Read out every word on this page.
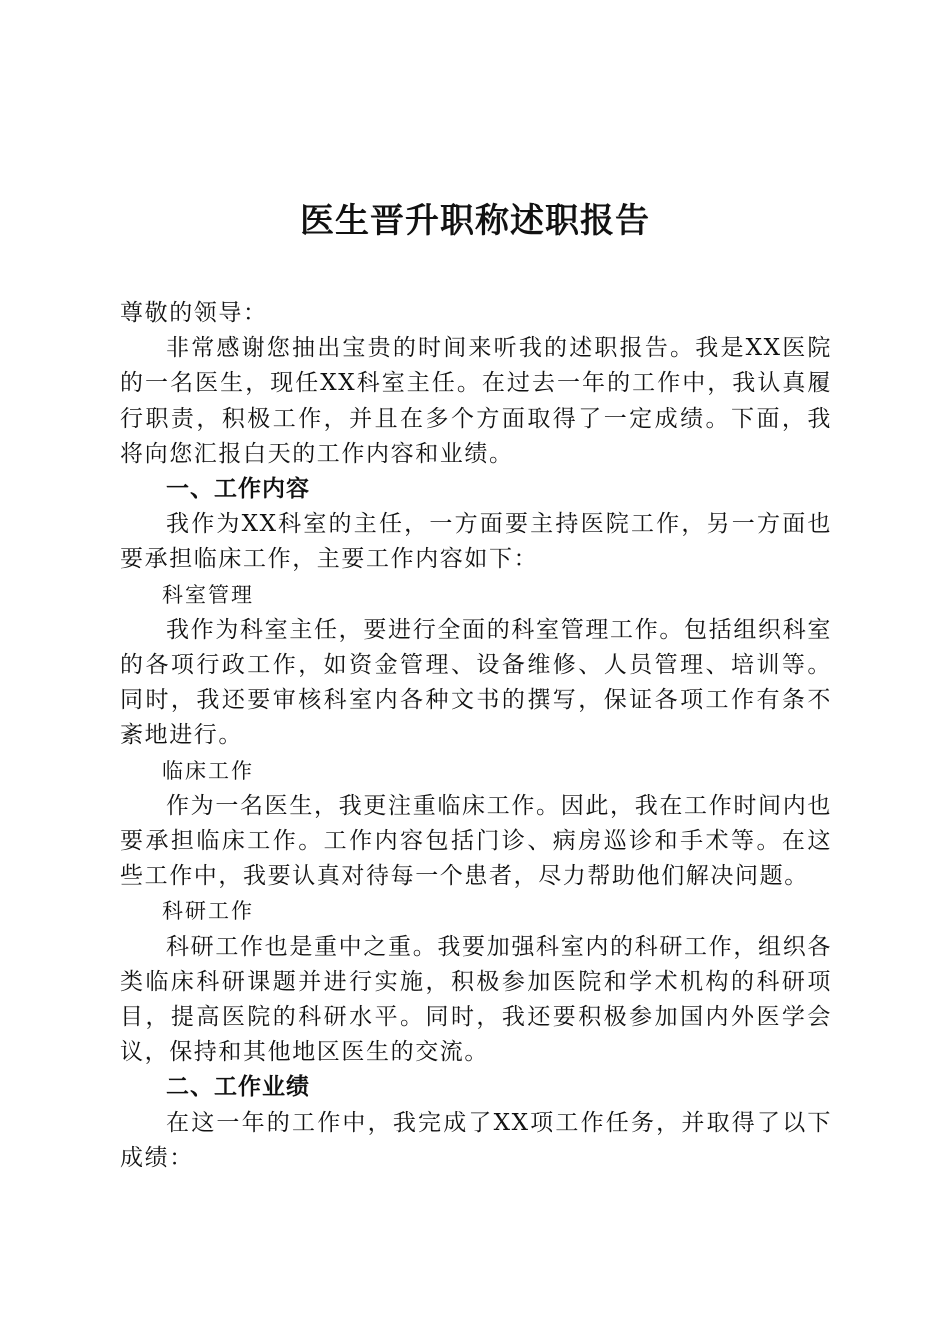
医生晋升职称述职报告

尊敬的领导：

非常感谢您抽出宝贵的时间来听我的述职报告。我是XX医院的一名医生，现任XX科室主任。在过去一年的工作中，我认真履行职责，积极工作，并且在多个方面取得了一定成绩。下面，我将向您汇报白天的工作内容和业绩。

一、工作内容

我作为XX科室的主任，一方面要主持医院工作，另一方面也要承担临床工作，主要工作内容如下：

科室管理

我作为科室主任，要进行全面的科室管理工作。包括组织科室的各项行政工作，如资金管理、设备维修、人员管理、培训等。同时，我还要审核科室内各种文书的撰写，保证各项工作有条不紊地进行。

临床工作

作为一名医生，我更注重临床工作。因此，我在工作时间内也要承担临床工作。工作内容包括门诊、病房巡诊和手术等。在这些工作中，我要认真对待每一个患者，尽力帮助他们解决问题。

科研工作

科研工作也是重中之重。我要加强科室内的科研工作，组织各类临床科研课题并进行实施，积极参加医院和学术机构的科研项目，提高医院的科研水平。同时，我还要积极参加国内外医学会议，保持和其他地区医生的交流。

二、工作业绩

在这一年的工作中，我完成了XX项工作任务，并取得了以下成绩：
